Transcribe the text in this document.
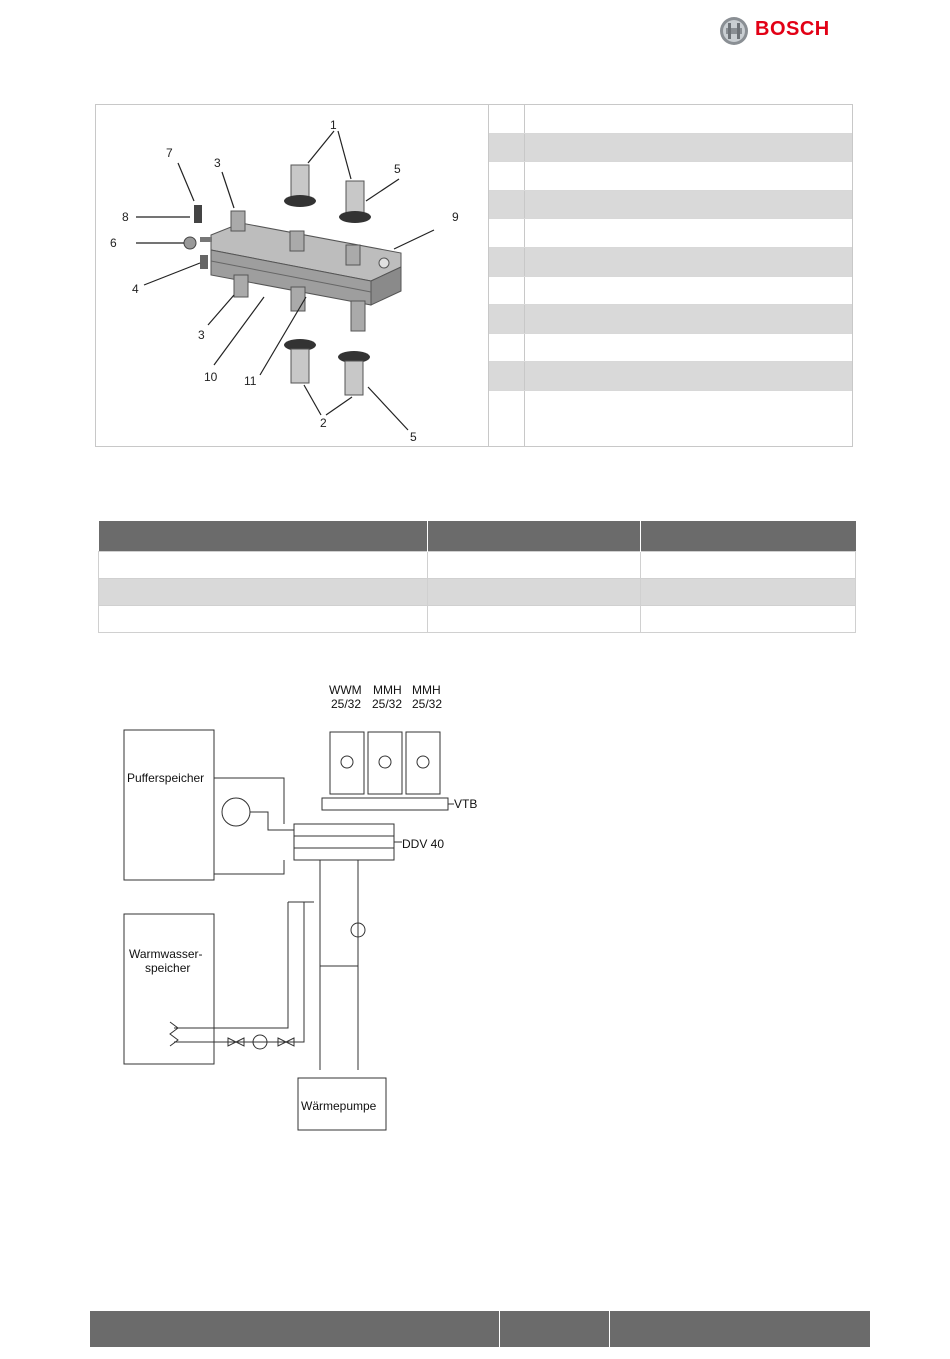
BOSCH
1
2
3
3
4
5
5
6
7
8	9
10 11

WWM
25/32
MMH
25/32
MMH
25/32
VTB
DDV 40
Pufferspeicher
Warmwasser-
speicher
Wärmepumpe
